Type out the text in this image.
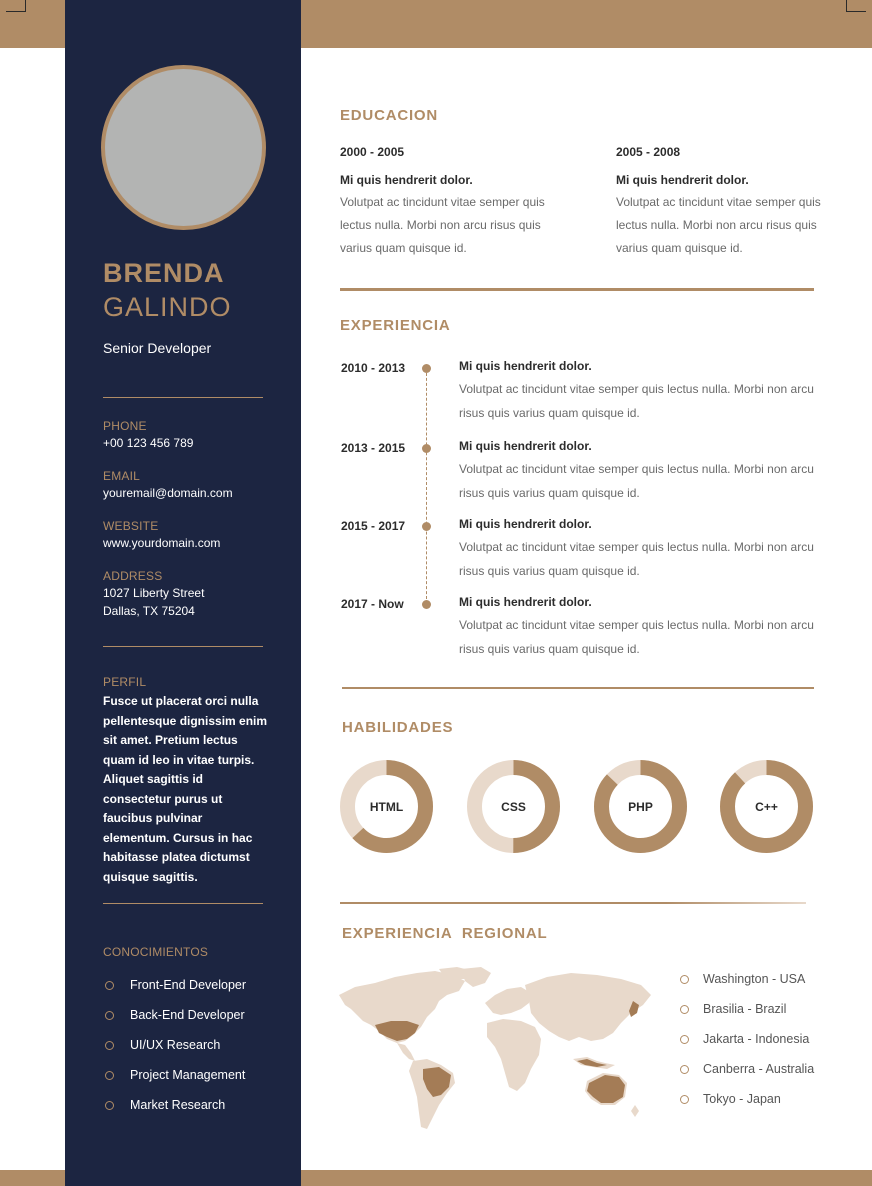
BRENDA
GALINDO
Senior Developer
PHONE
+00 123 456 789
EMAIL
youremail@domain.com
WEBSITE
www.yourdomain.com
ADDRESS
1027 Liberty Street
Dallas, TX 75204
PERFIL
Fusce ut placerat orci nulla pellentesque dignissim enim sit amet. Pretium lectus quam id leo in vitae turpis. Aliquet sagittis id consectetur purus ut faucibus pulvinar elementum. Cursus in hac habitasse platea dictumst quisque sagittis.
CONOCIMIENTOS
Front-End Developer
Back-End Developer
UI/UX Research
Project Management
Market Research
EDUCACION
2000 - 2005
Mi quis hendrerit dolor.
Volutpat ac tincidunt vitae semper quis lectus nulla. Morbi non arcu risus quis varius quam quisque id.
2005 - 2008
Mi quis hendrerit dolor.
Volutpat ac tincidunt vitae semper quis lectus nulla. Morbi non arcu risus quis varius quam quisque id.
EXPERIENCIA
2010 - 2013	Mi quis hendrerit dolor.
Volutpat ac tincidunt vitae semper quis lectus nulla. Morbi non arcu risus quis varius quam quisque id.
2013 - 2015	Mi quis hendrerit dolor.
Volutpat ac tincidunt vitae semper quis lectus nulla. Morbi non arcu risus quis varius quam quisque id.
2015 - 2017	Mi quis hendrerit dolor.
Volutpat ac tincidunt vitae semper quis lectus nulla. Morbi non arcu risus quis varius quam quisque id.
2017 - Now	Mi quis hendrerit dolor.
Volutpat ac tincidunt vitae semper quis lectus nulla. Morbi non arcu risus quis varius quam quisque id.
HABILIDADES
HTML	CSS	PHP	C++
EXPERIENCIA  REGIONAL
Washington - USA
Brasilia - Brazil
Jakarta - Indonesia
Canberra - Australia
Tokyo - Japan
